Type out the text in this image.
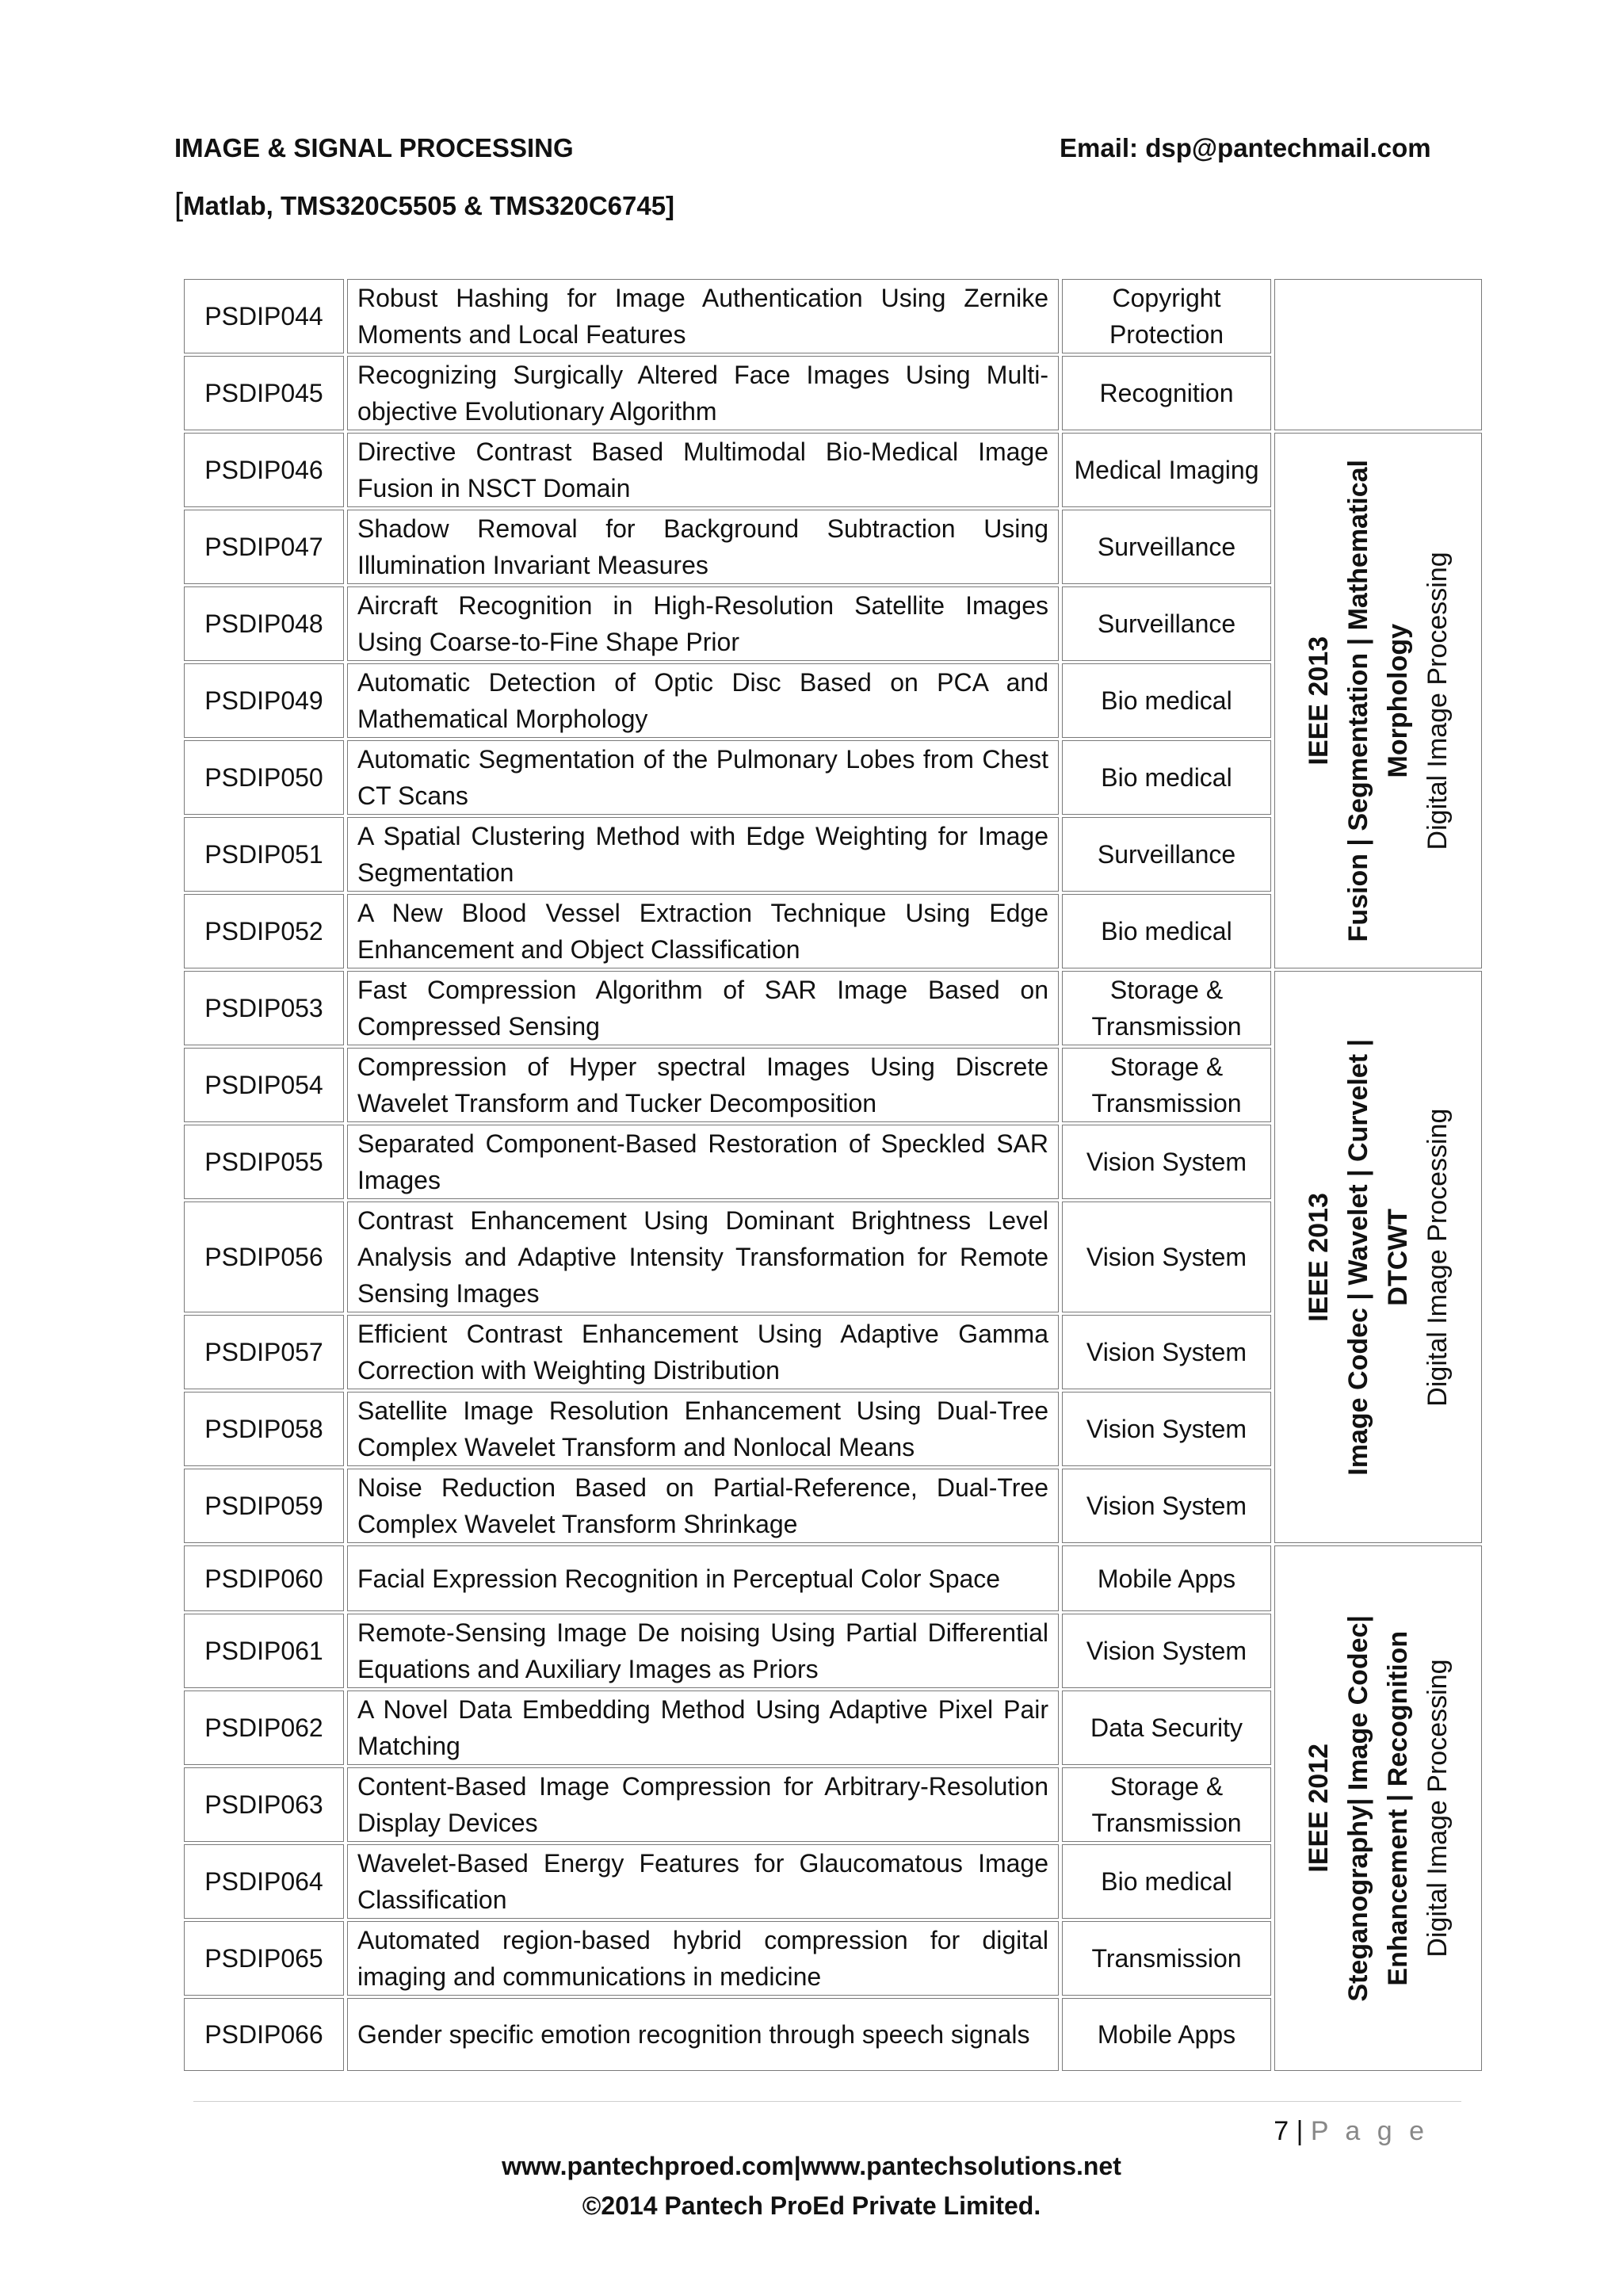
IMAGE & SIGNAL PROCESSING	Email: dsp@pantechmail.com
[Matlab, TMS320C5505 & TMS320C6745]
PSDIP044	Robust Hashing for Image Authentication Using Zernike Moments and Local Features	Copyright Protection	
PSDIP045	Recognizing Surgically Altered Face Images Using Multi-objective Evolutionary Algorithm	Recognition	
PSDIP046	Directive Contrast Based Multimodal Bio-Medical Image Fusion in NSCT Domain	Medical Imaging	IEEE 2013 Fusion | Segmentation | Mathematical Morphology Digital Image Processing

PSDIP047	Shadow Removal for Background Subtraction Using Illumination Invariant Measures	Surveillance	
PSDIP048	Aircraft Recognition in High-Resolution Satellite Images Using Coarse-to-Fine Shape Prior	Surveillance	
PSDIP049	Automatic Detection of Optic Disc Based on PCA and Mathematical Morphology	Bio medical	
PSDIP050	Automatic Segmentation of the Pulmonary Lobes from Chest CT Scans	Bio medical	
PSDIP051	A Spatial Clustering Method with Edge Weighting for Image Segmentation	Surveillance	
PSDIP052	A New Blood Vessel Extraction Technique Using Edge Enhancement and Object Classification	Bio medical	
PSDIP053	Fast Compression Algorithm of SAR Image Based on Compressed Sensing	Storage & Transmission	IEEE 2013 Image Codec | Wavelet | Curvelet | DTCWT Digital Image Processing

PSDIP054	Compression of Hyper spectral Images Using Discrete Wavelet Transform and Tucker Decomposition	Storage & Transmission	
PSDIP055	Separated Component-Based Restoration of Speckled SAR Images	Vision System	
PSDIP056	Contrast Enhancement Using Dominant Brightness Level Analysis and Adaptive Intensity Transformation for Remote Sensing Images	Vision System	
PSDIP057	Efficient Contrast Enhancement Using Adaptive Gamma Correction with Weighting Distribution	Vision System	
PSDIP058	Satellite Image Resolution Enhancement Using Dual-Tree Complex Wavelet Transform and Nonlocal Means	Vision System	
PSDIP059	Noise Reduction Based on Partial-Reference, Dual-Tree Complex Wavelet Transform Shrinkage	Vision System	
PSDIP060	Facial Expression Recognition in Perceptual Color Space	Mobile Apps	IEEE 2012 Steganography| Image Codec| Enhancement | Recognition Digital Image Processing

PSDIP061	Remote-Sensing Image De noising Using Partial Differential Equations and Auxiliary Images as Priors	Vision System	
PSDIP062	A Novel Data Embedding Method Using Adaptive Pixel Pair Matching	Data Security	
PSDIP063	Content-Based Image Compression for Arbitrary-Resolution Display Devices	Storage & Transmission	
PSDIP064	Wavelet-Based Energy Features for Glaucomatous Image Classification	Bio medical	
PSDIP065	Automated region-based hybrid compression for digital imaging and communications in medicine	Transmission	
PSDIP066	Gender specific emotion recognition through speech signals	Mobile Apps	
7 | P a g e
www.pantechproed.com|www.pantechsolutions.net
©2014 Pantech ProEd Private Limited.
